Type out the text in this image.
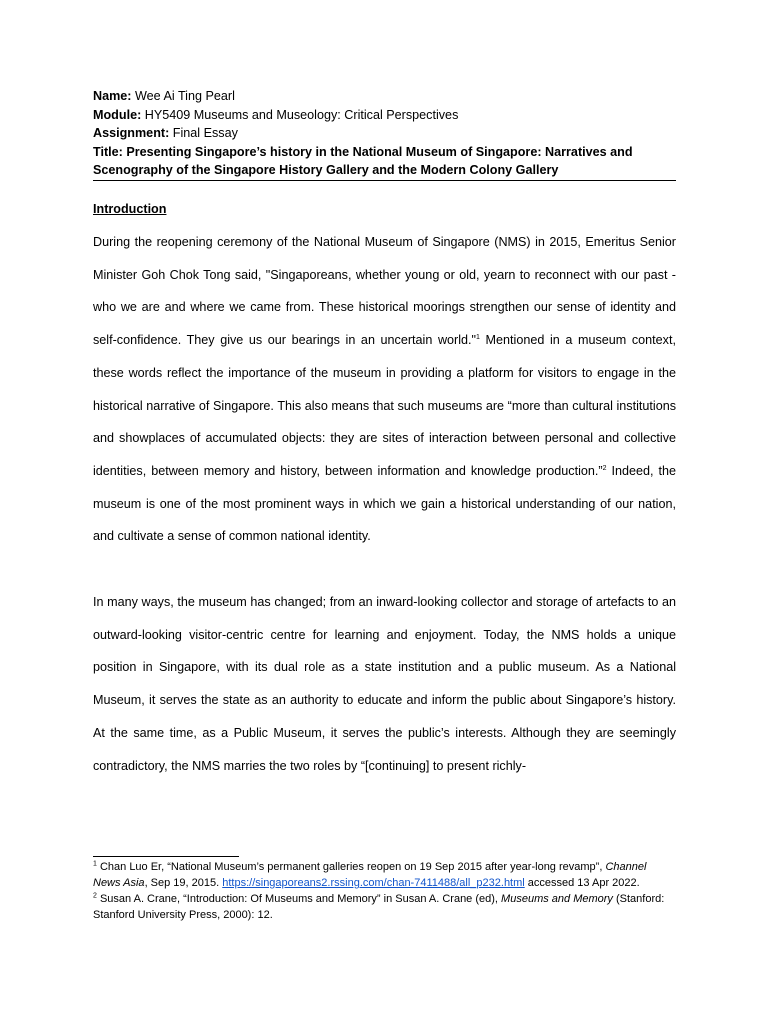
Name: Wee Ai Ting Pearl
Module: HY5409 Museums and Museology: Critical Perspectives
Assignment: Final Essay
Title: Presenting Singapore’s history in the National Museum of Singapore: Narratives and
Scenography of the Singapore History Gallery and the Modern Colony Gallery
Introduction

During the reopening ceremony of the National Museum of Singapore (NMS) in 2015, Emeritus Senior Minister Goh Chok Tong said, "Singaporeans, whether young or old, yearn to reconnect with our past - who we are and where we came from. These historical moorings strengthen our sense of identity and self-confidence. They give us our bearings in an uncertain world."$^1$ Mentioned in a museum context, these words reflect the importance of the museum in providing a platform for visitors to engage in the historical narrative of Singapore. This also means that such museums are “more than cultural institutions and showplaces of accumulated objects: they are sites of interaction between personal and collective identities, between memory and history, between information and knowledge production.”$^2$ Indeed, the museum is one of the most prominent ways in which we gain a historical understanding of our nation, and cultivate a sense of common national identity.

In many ways, the museum has changed; from an inward-looking collector and storage of artefacts to an outward-looking visitor-centric centre for learning and enjoyment. Today, the NMS holds a unique position in Singapore, with its dual role as a state institution and a public museum. As a National Museum, it serves the state as an authority to educate and inform the public about Singapore’s history. At the same time, as a Public Museum, it serves the public’s interests. Although they are seemingly contradictory, the NMS marries the two roles by “[continuing] to present richly-

$^1$ Chan Luo Er, “National Museum’s permanent galleries reopen on 19 Sep 2015 after year-long revamp”, Channel News Asia, Sep 19, 2015. https://singaporeans2.rssing.com/chan-7411488/all_p232.html accessed 13 Apr 2022.

$^2$ Susan A. Crane, “Introduction: Of Museums and Memory” in Susan A. Crane (ed), Museums and Memory (Stanford: Stanford University Press, 2000): 12.
